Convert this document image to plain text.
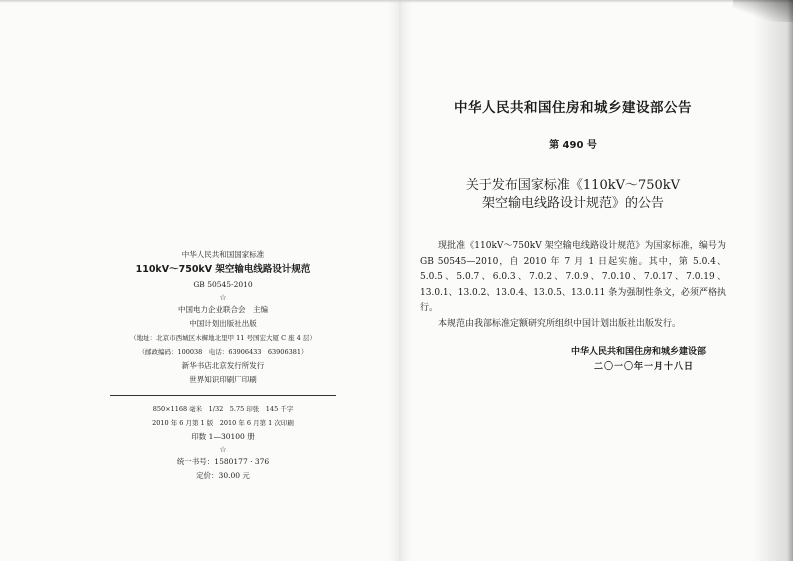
中华人民共和国国家标准
110kV～750kV 架空输电线路设计规范
GB 50545-2010
☆
中国电力企业联合会　主编
中国计划出版社出版
（地址：北京市西城区木樨地北里甲 11 号国宏大厦 C 座 4 层）
（邮政编码：100038　电话：63906433　63906381）
新华书店北京发行所发行
世界知识印刷厂印刷
850×1168 毫米　1/32　5.75 印张　145 千字
2010 年 6 月第 1 版　2010 年 6 月第 1 次印刷
印数 1—30100 册
☆
统一书号：1580177 · 376
定价：30.00 元
中华人民共和国住房和城乡建设部公告
第 490 号
关于发布国家标准《110kV～750kV
架空输电线路设计规范》的公告

现批准《110kV～750kV 架空输电线路设计规范》为国家标准，编号为 GB 50545—2010，自 2010 年 7 月 1 日起实施。其中，第 5.0.4、5.0.5、5.0.7、6.0.3、7.0.2、7.0.9、7.0.10、7.0.17、7.0.19、13.0.1、13.0.2、13.0.4、13.0.5、13.0.11 条为强制性条文，必须严格执行。

本规范由我部标准定额研究所组织中国计划出版社出版发行。

中华人民共和国住房和城乡建设部
二〇一〇年一月十八日
